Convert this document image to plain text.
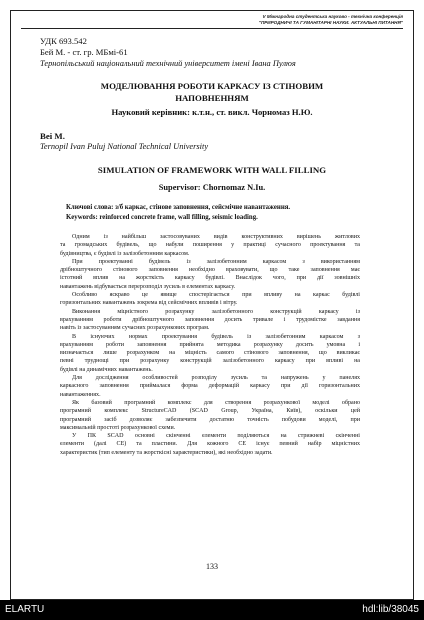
V Міжнародна студентська науково - технічна конференція
"ПРИРОДНИЧІ ТА ГУМАНІТАРНІ НАУКИ. АКТУАЛЬНІ ПИТАННЯ"
УДК 693.542
Бей М. - ст. гр. МБмі-61
Тернопільський національний технічний університет імені Івана Пулюя
МОДЕЛЮВАННЯ РОБОТИ КАРКАСУ ІЗ СТІНОВИМ
НАПОВНЕННЯМ
Науковий керівник: к.т.н., ст. викл. Чорномаз Н.Ю.
Bei M.
Ternopil Ivan Puluj National Technical University
SIMULATION OF FRAMEWORK WITH WALL FILLING
Supervisor: Chornomaz N.Iu.
Ключові слова: з/б каркас, стінове заповнення, сейсмічне навантаження.
Keywords: reinforced concrete frame, wall filling, seismic loading.

Одним із найбільш застосовуваних видів конструктивних вирішень житлових
та громадських будівель, що набули поширення у практиці сучасного проектування та
будівництва, є будівлі із залізобетонним каркасом.

При проектуванні будівель із залізобетонним каркасом з використанням
дрібноштучного стінового заповнення необхідно враховувати, що таке заповнення має
істотний вплив на жорсткість каркасу будівлі. Внаслідок чого, при дії зовнішніх
навантажень відбувається перерозподіл зусиль в елементах каркасу.

Особливо яскраво це явище спостерігається при впливу на каркас будівлі
горизонтальних навантажень зокрема від сейсмічних впливів і вітру.

Виконання міцністного розрахунку залізобетонного конструкцій каркасу із
врахуванням роботи дрібноштучного заповнення досить тривале і трудомістке завдання
навіть із застосуванням сучасних розрахункових програм.

В існуючих нормах проектування будівель із залізобетонним каркасом з
врахуванням роботи заповнення прийнята методика розрахунку досить умовна і
визначається лише розрахунком на міцність самого стінового заповнення, що викликає
певні труднощі при розрахунку конструкцій залізобетонного каркасу при впливі на
будівлі на динамічних навантажень.

Для дослідження особливостей розподілу зусиль та напружень у панелях
каркасного заповнення приймалася форма деформацій каркасу при дії горизонтальних
навантаженнях.

Як базовий програмний комплекс для створення розрахункової моделі обрано
програмний комплекс StructureCAD (SCAD Group, Україна, Київ), оскільки цей
програмний засіб дозволяє забезпечити достатню точність побудови моделі, при
максимальній простоті розрахункової схеми.

У ПК SCAD основні скінченні елементи поділяються на стрижневі скінченні
елементи (далі СЕ) та пластини. Для кожного СЕ існує певний набір міцністних
характеристик (тип елементу та жорсткісні характеристики), які необхідно задати.

133
ELARTU	hdl:lib/38045
